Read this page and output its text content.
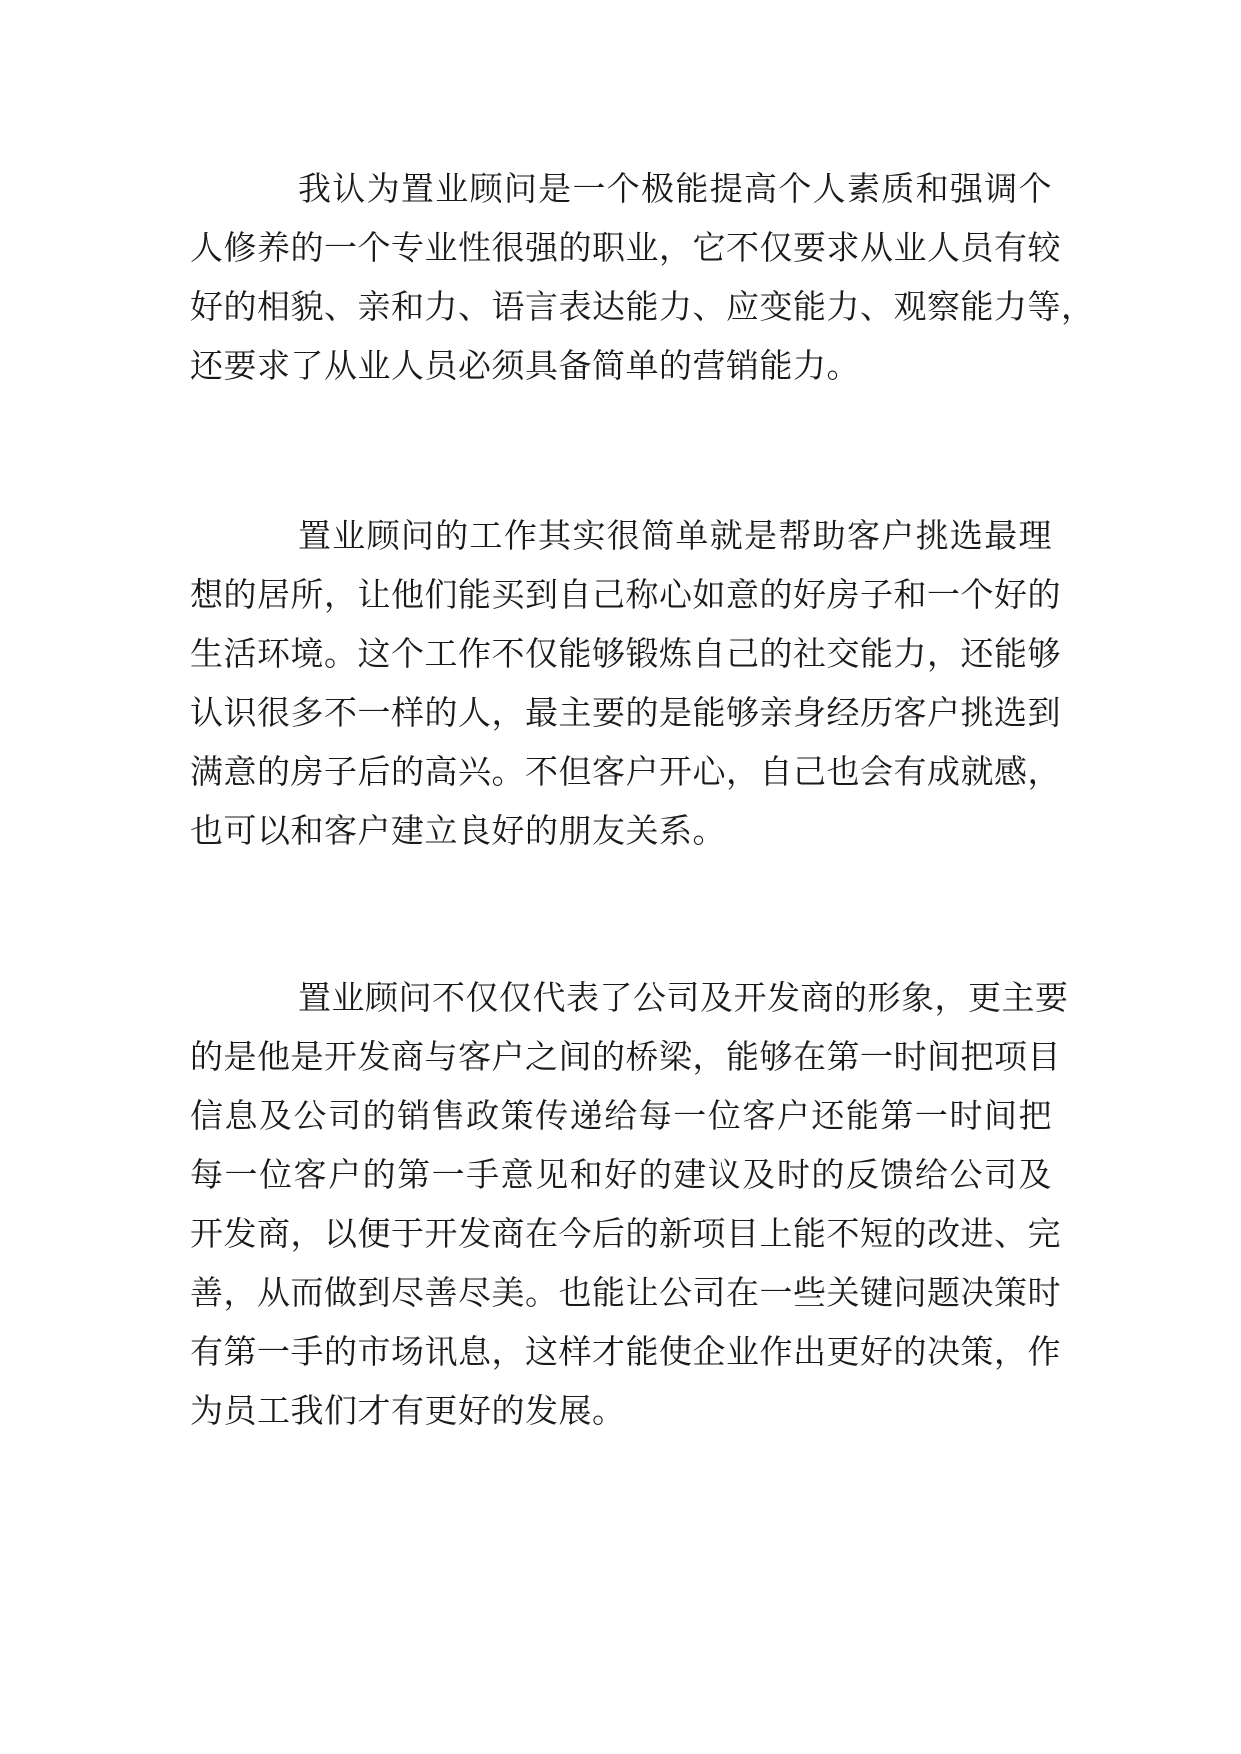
我认为置业顾问是一个极能提高个人素质和强调个
人修养的一个专业性很强的职业，它不仅要求从业人员有较
好的相貌、亲和力、语言表达能力、应变能力、观察能力等，
还要求了从业人员必须具备简单的营销能力。
置业顾问的工作其实很简单就是帮助客户挑选最理
想的居所，让他们能买到自己称心如意的好房子和一个好的
生活环境。这个工作不仅能够锻炼自己的社交能力，还能够
认识很多不一样的人，最主要的是能够亲身经历客户挑选到
满意的房子后的高兴。不但客户开心，自己也会有成就感，
也可以和客户建立良好的朋友关系。
置业顾问不仅仅代表了公司及开发商的形象，更主要
的是他是开发商与客户之间的桥梁，能够在第一时间把项目
信息及公司的销售政策传递给每一位客户还能第一时间把
每一位客户的第一手意见和好的建议及时的反馈给公司及
开发商，以便于开发商在今后的新项目上能不短的改进、完
善，从而做到尽善尽美。也能让公司在一些关键问题决策时
有第一手的市场讯息，这样才能使企业作出更好的决策，作
为员工我们才有更好的发展。
